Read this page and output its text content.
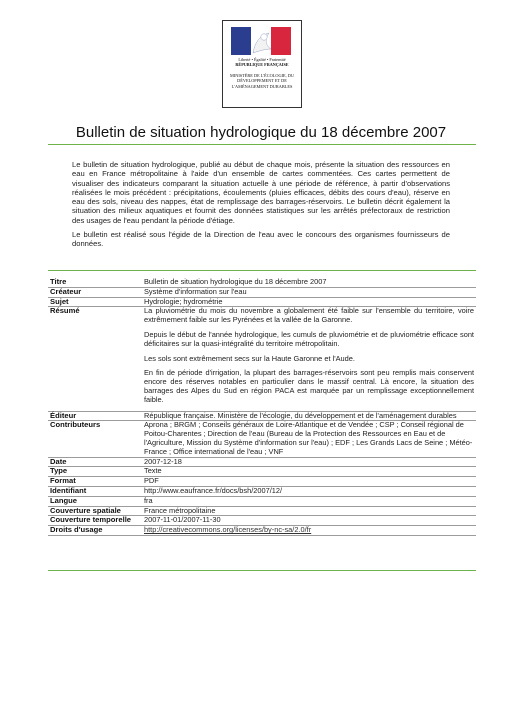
Liberté • Égalité • Fraternité
RÉPUBLIQUE FRANÇAISE
MINISTÈRE DE L'ÉCOLOGIE, DU DÉVELOPPEMENT ET DE L'AMÉNAGEMENT DURABLES
Bulletin de situation hydrologique du 18 décembre 2007

Le bulletin de situation hydrologique, publié au début de chaque mois, présente la situation des ressources en eau en France métropolitaine à l'aide d'un ensemble de cartes commentées. Ces cartes permettent de visualiser des indicateurs comparant la situation actuelle à une période de référence, à partir d'observations réalisées le mois précédent : précipitations, écoulements (pluies efficaces, débits des cours d'eau), réserve en eau des sols, niveau des nappes, état de remplissage des barrages-réservoirs. Le bulletin décrit également la situation des milieux aquatiques et fournit des données statistiques sur les arrêtés préfectoraux de restriction des usages de l'eau pendant la période d'étiage.

Le bulletin est réalisé sous l'égide de la Direction de l'eau avec le concours des organismes fournisseurs de données.

Titre	Bulletin de situation hydrologique du 18 décembre 2007
Créateur	Système d'information sur l'eau
Sujet	Hydrologie; hydrométrie
Résumé	La pluviométrie du mois du novembre a globalement été faible sur l'ensemble du territoire, voire extrêmement faible sur les Pyrénées et la vallée de la Garonne.

Depuis le début de l'année hydrologique, les cumuls de pluviométrie et de pluviométrie efficace sont déficitaires sur la quasi-intégralité du territoire métropolitain.

Les sols sont extrêmement secs sur la Haute Garonne et l'Aude.

En fin de période d'irrigation, la plupart des barrages-réservoirs sont peu remplis mais conservent encore des réserves notables en particulier dans le massif central. Là encore, la situation des barrages des Alpes du Sud en région PACA est marquée par un remplissage exceptionnellement faible.

Éditeur	République française. Ministère de l'écologie, du développement et de l'aménagement durables
Contributeurs	Aprona ; BRGM ; Conseils généraux de Loire-Atlantique et de Vendée ; CSP ; Conseil régional de Poitou-Charentes ; Direction de l'eau (Bureau de la Protection des Ressources en Eau et de l'Agriculture, Mission du Système d'information sur l'eau) ; EDF ; Les Grands Lacs de Seine ; Météo-France ; Office international de l'eau ; VNF
Date	2007-12-18
Type	Texte
Format	PDF
Identifiant	http://www.eaufrance.fr/docs/bsh/2007/12/
Langue	fra
Couverture spatiale	France métropolitaine
Couverture temporelle	2007-11-01/2007-11-30
Droits d'usage	http://creativecommons.org/licenses/by-nc-sa/2.0/fr
